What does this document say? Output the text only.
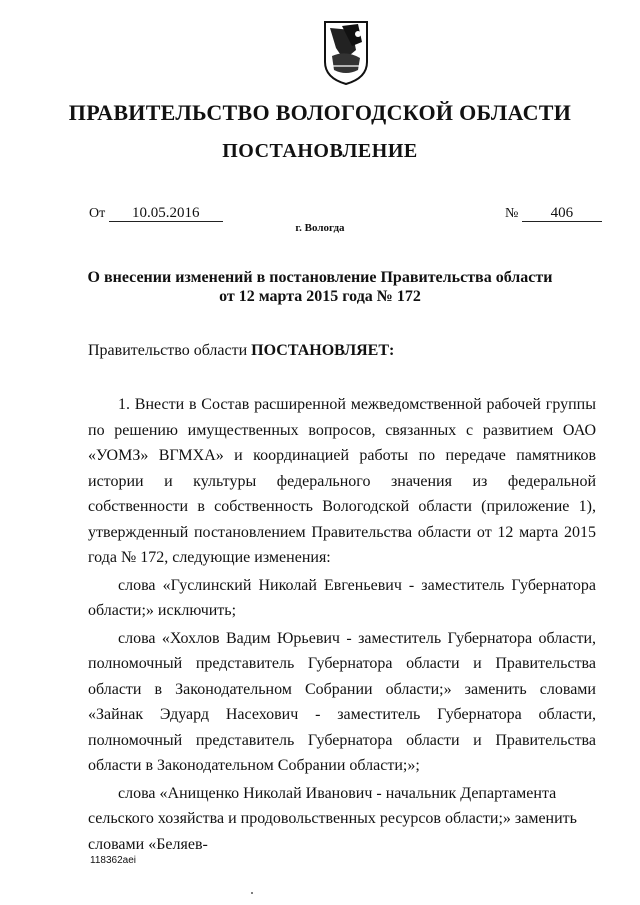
ПРАВИТЕЛЬСТВО ВОЛОГОДСКОЙ ОБЛАСТИ
ПОСТАНОВЛЕНИЕ
От 10.05.2016	№ 406
г. Вологда
О внесении изменений в постановление Правительства области
от 12 марта 2015 года № 172
Правительство области ПОСТАНОВЛЯЕТ:

1. Внести в Состав расширенной межведомственной рабочей группы по решению имущественных вопросов, связанных с развитием ОАО «УОМЗ» ВГМХА» и координацией работы по передаче памятников истории и культуры федерального значения из федеральной собственности в собственность Вологодской области (приложение 1), утвержденный постановлением Правительства области от 12 марта 2015 года № 172, следующие изменения:

слова «Гуслинский Николай Евгеньевич - заместитель Губернатора области;» исключить;

слова «Хохлов Вадим Юрьевич - заместитель Губернатора области, полномочный представитель Губернатора области и Правительства области в Законодательном Собрании области;» заменить словами «Зайнак Эдуард Насехович - заместитель Губернатора области, полномочный представитель Губернатора области и Правительства области в Законодательном Собрании области;»;

слова «Анищенко Николай Иванович - начальник Департамента сельского хозяйства и продовольственных ресурсов области;» заменить словами «Беляев-

118362аеі
